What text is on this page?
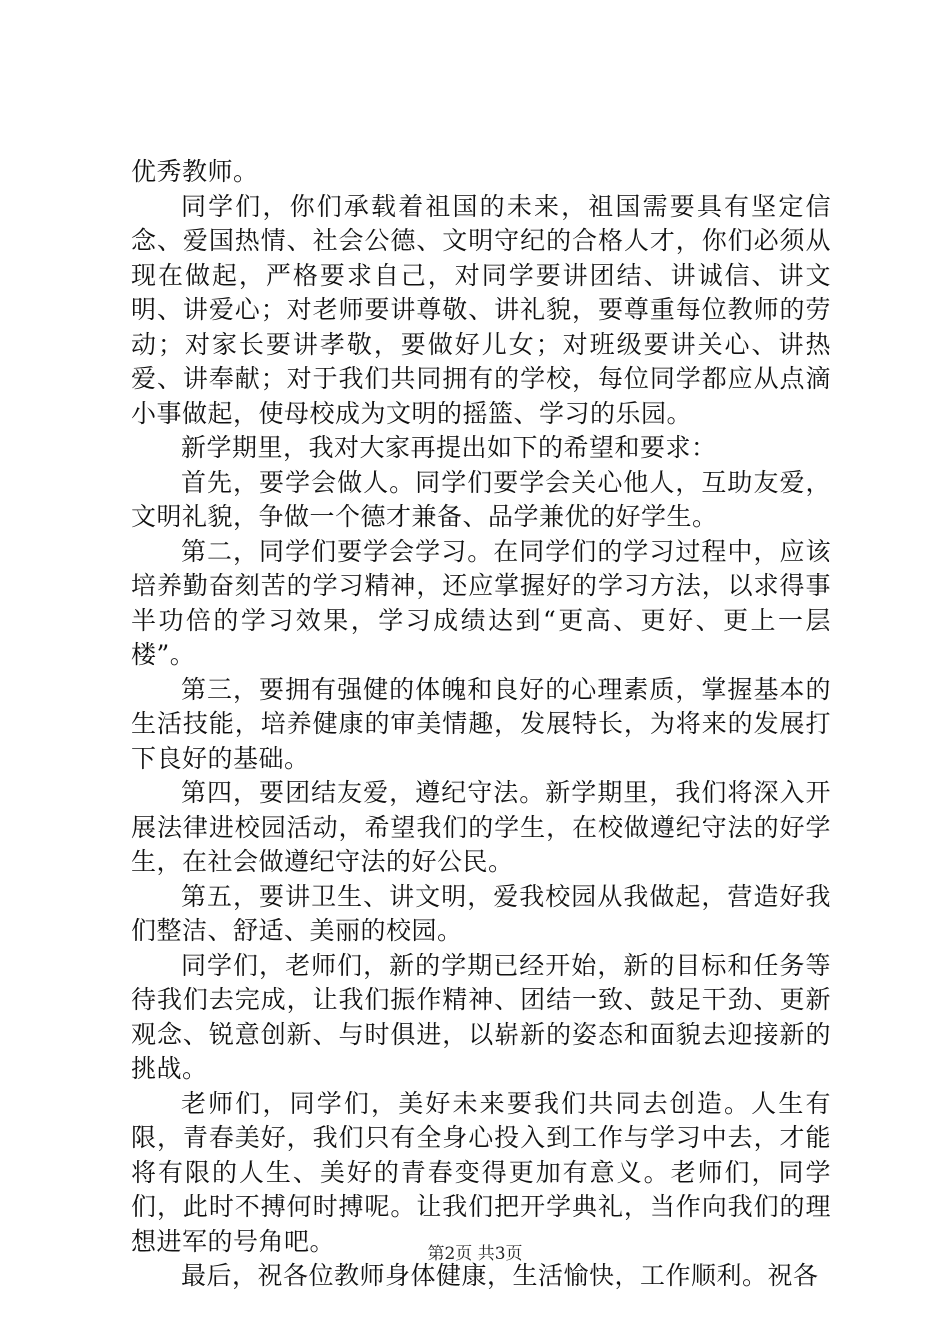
优秀教师。

同学们，你们承载着祖国的未来，祖国需要具有坚定信念、爱国热情、社会公德、文明守纪的合格人才，你们必须从现在做起，严格要求自己，对同学要讲团结、讲诚信、讲文明、讲爱心；对老师要讲尊敬、讲礼貌，要尊重每位教师的劳动；对家长要讲孝敬，要做好儿女；对班级要讲关心、讲热爱、讲奉献；对于我们共同拥有的学校，每位同学都应从点滴小事做起，使母校成为文明的摇篮、学习的乐园。

新学期里，我对大家再提出如下的希望和要求：

首先，要学会做人。同学们要学会关心他人，互助友爱，文明礼貌，争做一个德才兼备、品学兼优的好学生。

第二，同学们要学会学习。在同学们的学习过程中，应该培养勤奋刻苦的学习精神，还应掌握好的学习方法，以求得事半功倍的学习效果，学习成绩达到“更高、更好、更上一层楼”。

第三，要拥有强健的体魄和良好的心理素质，掌握基本的生活技能，培养健康的审美情趣，发展特长，为将来的发展打下良好的基础。

第四，要团结友爱，遵纪守法。新学期里，我们将深入开展法律进校园活动，希望我们的学生，在校做遵纪守法的好学生，在社会做遵纪守法的好公民。

第五，要讲卫生、讲文明，爱我校园从我做起，营造好我们整洁、舒适、美丽的校园。

同学们，老师们，新的学期已经开始，新的目标和任务等待我们去完成，让我们振作精神、团结一致、鼓足干劲、更新观念、锐意创新、与时俱进，以崭新的姿态和面貌去迎接新的挑战。

老师们，同学们，美好未来要我们共同去创造。人生有限，青春美好，我们只有全身心投入到工作与学习中去，才能将有限的人生、美好的青春变得更加有意义。老师们，同学们，此时不搏何时搏呢。让我们把开学典礼，当作向我们的理想进军的号角吧。

最后，祝各位教师身体健康，生活愉快，工作顺利。祝各

第2页 共3页
